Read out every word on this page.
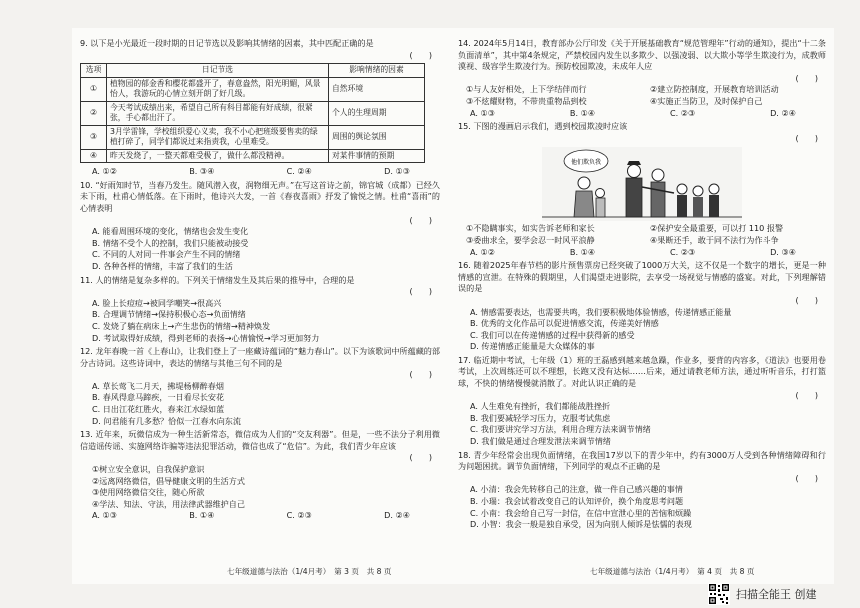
9. 以下是小光最近一段时期的日记节选以及影响其情绪的因素，其中匹配正确的是
(　　)
选项	日记节选	影响情绪的因素
①	植物园的郁金香和樱花都盛开了，春意盎然，阳光明媚，风景怡人，我游玩的心情立刻开朗了好几级。	自然环境
②	今天考试成绩出来，希望自己所有科目都能有好成绩，很紧张，手心都出汗了。	个人的生理周期
③	3月学雷锋，学校组织爱心义卖，我不小心把班级要售卖的绿植打碎了，同学们都说过来指责我，心里难受。	周围的舆论氛围
④	昨天发烧了，一整天都难受极了，做什么都没精神。	对某件事情的预期
A. ①②	B. ③④	C. ②④	D. ①③
10. “好雨知时节，当春乃发生。随风潜入夜，润物细无声。”在写这首诗之前，锦官城（成都）已经久未下雨，杜甫心情低落。在下雨时，他诗兴大发，一首《春夜喜雨》抒发了愉悦之情。杜甫“喜雨”的心情表明
(　　)
A. 能看周围环境的变化，情绪也会发生变化
B. 情绪不受个人的控制，我们只能被动接受
C. 不同的人对同一件事会产生不同的情绪
D. 各种各样的情绪，丰富了我们的生活
11. 人的情绪是复杂多样的。下列关于情绪发生及其后果的推导中，合理的是
(　　)
A. 脸上长痘痘→被同学嘲笑→很高兴
B. 合理调节情绪→保持积极心态→负面情绪
C. 发烧了躺在病床上→产生悲伤的情绪→精神焕发
D. 考试取得好成绩，得到老师的表扬→心情愉悦→学习更加努力
12. 龙年春晚一首《上春山》，让我们登上了一座藏诗蕴词的“魅力春山”。以下为该歌词中所蕴藏的部分古诗词。这些诗词中，表达的情绪与其他三句不同的是
(　　)
A. 草长莺飞二月天，拂堤杨柳醉春烟
B. 春风得意马蹄疾，一日看尽长安花
C. 日出江花红胜火，春来江水绿如蓝
D. 问君能有几多愁？恰似一江春水向东流
13. 近年来，玩微信成为一种生活新常态，微信成为人们的“交友利器”。但是，一些不法分子利用微信造谣传谣、实施网络诈骗等违法犯罪活动，微信也成了“危信”。为此，我们青少年应该
(　　)
①树立安全意识，自我保护意识
②远离网络微信，倡导健康文明的生活方式
③使用网络微信交往，随心所欲
④学法、知法、守法，用法律武器维护自己
A. ①③	B. ①④	C. ②③	D. ②④
14. 2024年5月14日，教育部办公厅印发《关于开展基础教育“规范管理年”行动的通知》，提出“十二条负面清单”，其中第4条规定，严禁校园内发生以多欺少、以强凌弱、以大欺小等学生欺凌行为，成教师漠视、级容学生欺凌行为。预防校园欺凌，未成年人应
(　　)
①与人友好相处，上下学结伴而行	②建立防控制度，开展教育培训活动
③不炫耀财物，不带贵重物品到校	④实施正当防卫，及时保护自己
A. ①③	B. ①④	C. ②③	D. ②④
15. 下图的漫画启示我们，遇到校园欺凌时应该
(　　)
他们欺负我
①不隐瞒事实，如实告诉老师和家长	②保护安全最重要，可以打 110 报警
③委曲求全，要学会忍一时风平浪静	④果断还手，敢于同不法行为作斗争
A. ①②	B. ①④	C. ②③	D. ③④
16. 随着2025年春节档的影片预售票房已经突破了1000万大关，这不仅是一个数字的增长，更是一种情感的宣泄。在特殊的假期里，人们渴望走进影院，去享受一场视觉与情感的盛宴。对此，下列理解错误的是
(　　)
A. 情感需要表达，也需要共鸣，我们要积极地体验情感，传递情感正能量
B. 优秀的文化作品可以促进情感交流，传递美好情感
C. 我们可以在传递情感的过程中获得新的感受
D. 传递情感正能量是大众媒体的事
17. 临近期中考试，七年级（1）班的王磊感到越来越急躁，作业多，要背的内容多，《道法》也要用卷考试，上次周练还可以不理想，长跑又没有达标……后来，通过请教老师方法，通过听听音乐，打打篮球，不快的情绪慢慢就消散了。对此认识正确的是
(　　)
A. 人生难免有挫折，我们都能战胜挫折
B. 我们要减轻学习压力，克服考试焦虑
C. 我们要讲究学习方法，利用合理方法来调节情绪
D. 我们做是通过合理发泄法来调节情绪
18. 青少年经常会出现负面情绪，在我国17岁以下的青少年中，约有3000万人受到各种情绪障碍和行为问题困扰。调节负面情绪，下列同学的观点不正确的是
(　　)
A. 小清：我会先转移自己的注意，做一件自己感兴趣的事情
B. 小瑞：我会试着改变自己的认知评价，换个角度思考问题
C. 小南：我会给自己写一封信，在信中宣泄心里的苦恼和烦躁
D. 小智：我会一般是独自承受，因为向别人倾诉是怯懦的表现
七年级道德与法治（1/4月考）　第 3 页　共 8 页	七年级道德与法治（1/4月考）　第 4 页　共 8 页
扫描全能王 创建
